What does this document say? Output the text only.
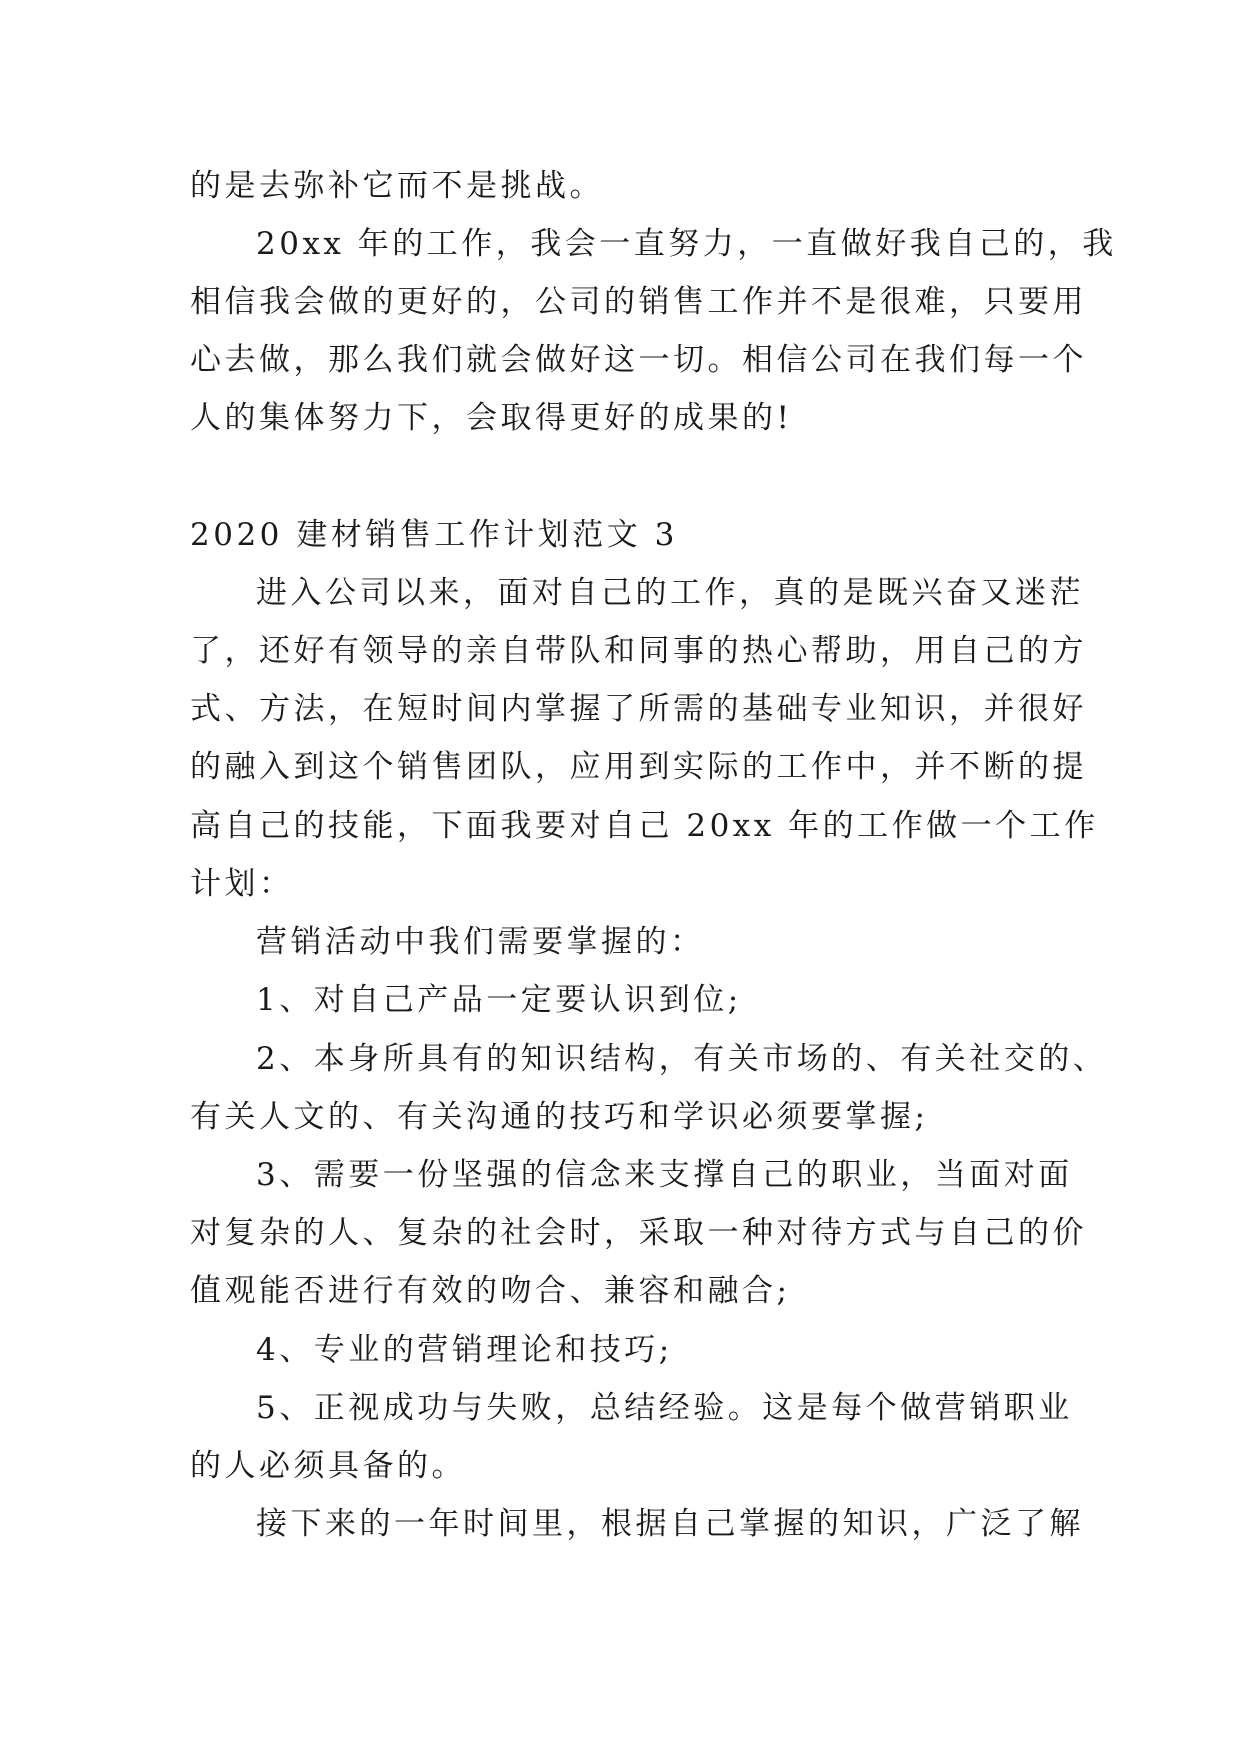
的是去弥补它而不是挑战。
20xx 年的工作，我会一直努力，一直做好我自己的，我
相信我会做的更好的，公司的销售工作并不是很难，只要用
心去做，那么我们就会做好这一切。相信公司在我们每一个
人的集体努力下，会取得更好的成果的!
2020 建材销售工作计划范文 3
进入公司以来，面对自己的工作，真的是既兴奋又迷茫
了，还好有领导的亲自带队和同事的热心帮助，用自己的方
式、方法，在短时间内掌握了所需的基础专业知识，并很好
的融入到这个销售团队，应用到实际的工作中，并不断的提
高自己的技能，下面我要对自己 20xx 年的工作做一个工作
计划：
营销活动中我们需要掌握的：
1、对自己产品一定要认识到位;
2、本身所具有的知识结构，有关市场的、有关社交的、
有关人文的、有关沟通的技巧和学识必须要掌握;
3、需要一份坚强的信念来支撑自己的职业，当面对面
对复杂的人、复杂的社会时，采取一种对待方式与自己的价
值观能否进行有效的吻合、兼容和融合;
4、专业的营销理论和技巧;
5、正视成功与失败，总结经验。这是每个做营销职业
的人必须具备的。
接下来的一年时间里，根据自己掌握的知识，广泛了解
